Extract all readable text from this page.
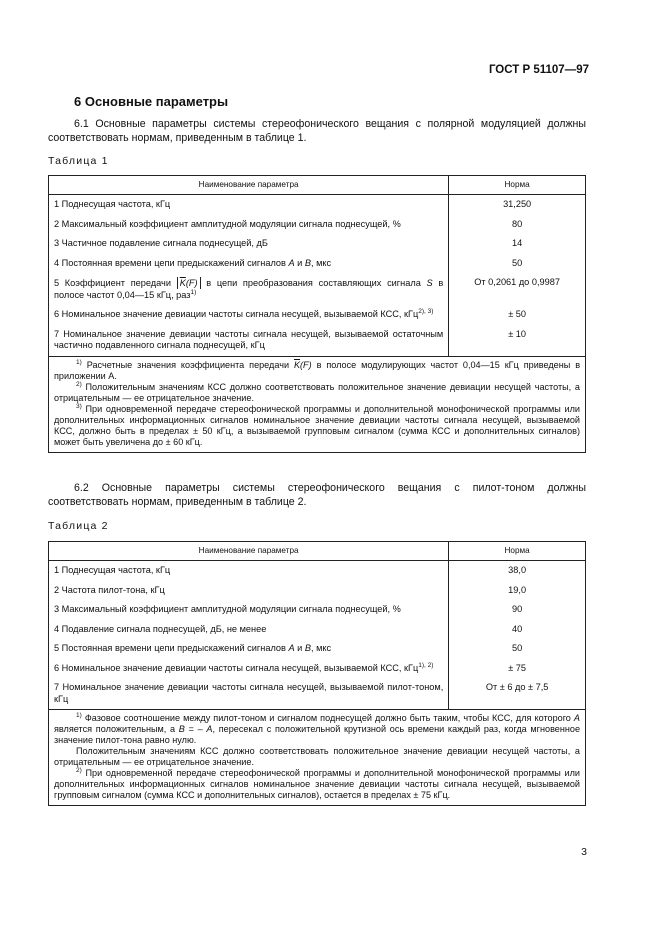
ГОСТ Р 51107—97
6 Основные параметры
6.1 Основные параметры системы стереофонического вещания с полярной модуляцией должны соответствовать нормам, приведенным в таблице 1.
Таблица 1
Наименование параметра	Норма
1 Поднесущая частота, кГц	31,250
2 Максимальный коэффициент амплитудной модуляции сигнала поднесущей, %	80
3 Частичное подавление сигнала поднесущей, дБ	14
4 Постоянная времени цепи предыскажений сигналов A и B, мкс	50
5 Коэффициент передачи $\overline{K}(F)$ в цепи преобразования составляющих сигнала S в полосе частот 0,04—15 кГц, раз$^{1)}$	От 0,2061 до 0,9987
6 Номинальное значение девиации частоты сигнала несущей, вызываемой КСС, кГц$^{2), 3)}$	± 50
7 Номинальное значение девиации частоты сигнала несущей, вызываемой остаточным частично подавленного сигнала поднесущей, кГц	± 10

$^{1)}$ Расчетные значения коэффициента передачи $\overline{K}(F)$ в полосе модулирующих частот 0,04—15 кГц приведены в приложении А.
$^{2)}$ Положительным значениям КСС должно соответствовать положительное значение девиации несущей частоты, а отрицательным — ее отрицательное значение.
$^{3)}$ При одновременной передаче стереофонической программы и дополнительной монофонической программы или дополнительных информационных сигналов номинальное значение девиации частоты сигнала несущей, вызываемой КСС, должно быть в пределах ± 50 кГц, а вызываемой групповым сигналом (сумма КСС и дополнительных сигналов) может быть увеличена до ± 60 кГц.	
6.2 Основные параметры системы стереофонического вещания с пилот-тоном должны соответствовать нормам, приведенным в таблице 2.
Таблица 2
Наименование параметра	Норма
1 Поднесущая частота, кГц	38,0
2 Частота пилот-тона, кГц	19,0
3 Максимальный коэффициент амплитудной модуляции сигнала поднесущей, %	90
4 Подавление сигнала поднесущей, дБ, не менее	40
5 Постоянная времени цепи предыскажений сигналов A и B, мкс	50
6 Номинальное значение девиации частоты сигнала несущей, вызываемой КСС, кГц$^{1), 2)}$	± 75
7 Номинальное значение девиации частоты сигнала несущей, вызываемой пилот-тоном, кГц	От ± 6 до ± 7,5

$^{1)}$ Фазовое соотношение между пилот-тоном и сигналом поднесущей должно быть таким, чтобы КСС, для которого A является положительным, а B = – A, пересекал с положительной крутизной ось времени каждый раз, когда мгновенное значение пилот-тона равно нулю.
Положительным значениям КСС должно соответствовать положительное значение девиации несущей частоты, а отрицательным — ее отрицательное значение.
$^{2)}$ При одновременной передаче стереофонической программы и дополнительной монофонической программы или дополнительных информационных сигналов номинальное значение девиации частоты сигнала несущей, вызываемой групповым сигналом (сумма КСС и дополнительных сигналов), остается в пределах ± 75 кГц.	
3
